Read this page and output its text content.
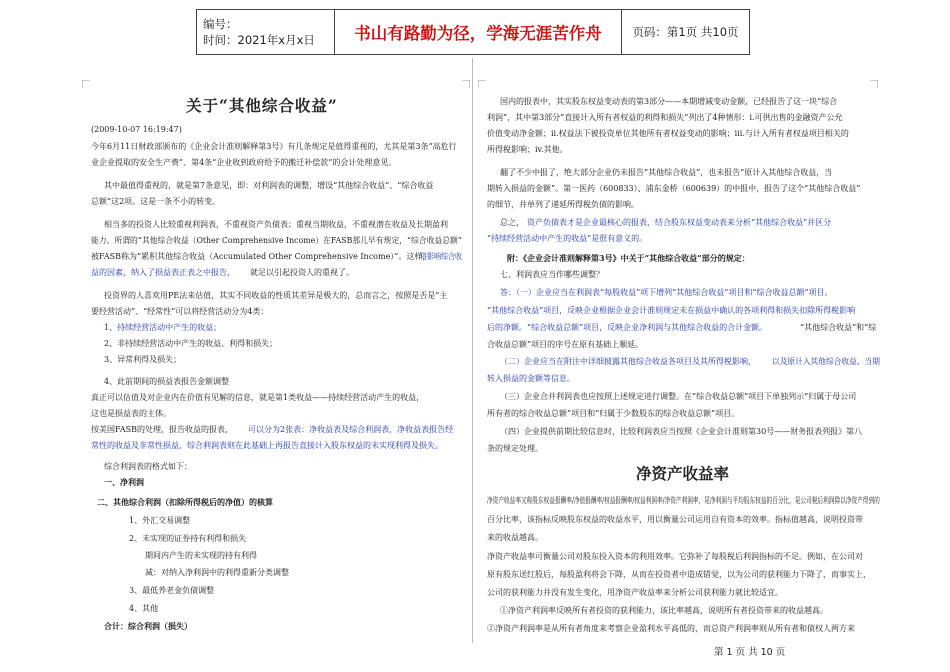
编号：
时间：2021年x月x日	书山有路勤为径，学海无涯苦作舟	页码：第1页 共10页
关于“其他综合收益”
净资产收益率
(2009-10-07 16:19:47)
今年6月11日财政部颁布的《企业会计准则解释第3号》有几条规定是值得重视的，尤其是第3条“高危行
业企业提取的安全生产费”、第4条“企业收到政府给予的搬迁补偿款”的会计处理意见。
其中最值得重视的，就是第7条意见，即：对利润表的调整，增设“其他综合收益”、“综合收益
总额”这2项。这是一条不小的转变。
相当多的投资人比较重视利润表，不重视资产负债表；重视当期收益，不重视潜在收益及长期盈利
能力。所谓的“其他综合收益（Other Comprehensive Income）在FASB那儿早有规定，“综合收益总额”
被FASB称为“累积其他综合收益（Accumulated Other Comprehensive Income）”。这样，
将影响综合收
益的因素，纳入了损益表正表之中报告， 就足以引起投资人的重视了。
投资界的人喜欢用PE法来估值，其实不同收益的性质其差异是极大的，总而言之，按照是否是“主
要经营活动”、“经常性”可以将经营活动分为4类：
1、持续经营活动中产生的收益；
2、非持续经营活动中产生的收益、利得和损失；
3、异常利得及损失；
4、此前期间的损益表报告金额调整
真正可以估值及对企业内在价值有见解的信息，就是第1类收益——持续经营活动产生的收益，
这也是损益表的主体。
按美国FASB的处理，报告收益的报表， 可以分为2张表：净收益表及综合利润表，净收益表报告经
常性的收益及非常性损益，综合利润表则在此基础上再报告直接计入股东权益的未实现利得及损失。
综合利润表的格式如下：
一、净利润
二、其他综合利润（扣除所得税后的净值）的核算
1、外汇交易调整
2、未实现的证券持有利得和损失
期间内产生的未实现的持有利得
减：对纳入净利润中的利得重新分类调整
3、最低养老金负债调整
4、其他
合计：综合利润（损失）
国内的报表中，其实股东权益变动表的第3部分——本期增减变动金额，已经报告了这一块“综合
利润”，其中第3部分“直接计入所有者权益的利得和损失”列出了4种情形：i.可供出售的金融资产公允
价值变动净金额；ii.权益法下被投资单位其他所有者权益变动的影响；iii.与计入所有者权益项目相关的
所得税影响；iv.其他。
翻了不少中报了，绝大部分企业仍未报告“其他综合收益”，也未报告“原计入其他综合收益，当
期转入损益的金额”。第一医药（600833）、浦东金桥（600639）的中报中，报告了这个“其他综合收益”
的细节，并单列了递延所得税负债的影响。
总之， 资产负债表才是企业最核心的报表，结合股东权益变动表来分析“其他综合收益”并区分
“持续经营活动中产生的收益”是很有意义的。
附：《企业会计准则解释第3号》中关于“其他综合收益”部分的规定：
七、利润表应当作哪些调整？
答：（一）企业应当在利润表“每股收益”项下增列“其他综合收益”项目和“综合收益总额”项目。
“其他综合收益”项目，反映企业根据企业会计准则规定未在损益中确认的各项利得和损失扣除所得税影响
后的净额。“综合收益总额”项目，反映企业净利润与其他综合收益的合计金额。	“其他综合收益”和“综
合收益总额”项目的序号在原有基础上顺延。
（二）企业应当在附注中详细披露其他综合收益各项目及其所得税影响， 以及原计入其他综合收益、当期
转入损益的金额等信息。
（三）企业合并利润表也应按照上述规定进行调整。在“综合收益总额”项目下单独列示“归属于母公司
所有者的综合收益总额”项目和“归属于少数股东的综合收益总额”项目。
（四）企业提供前期比较信息时，比较利润表应当按照《企业会计准则第30号——财务报表列报》第八
条的规定处理。
净资产收益率又称股东权益报酬率/净值报酬率/权益报酬率/权益利润率/净资产利润率，是净利润与平均股东权益的百分比，是公司税后利润除以净资产得到的
百分比率，该指标反映股东权益的收益水平，用以衡量公司运用自有资本的效率。指标值越高，说明投资带
来的收益越高。
净资产收益率可衡量公司对股东投入资本的利用效率。它弥补了每股税后利润指标的不足。例如，在公司对
原有股东送红股后，每股盈利将会下降，从而在投资者中造成错觉，以为公司的获利能力下降了，而事实上，
公司的获利能力并没有发生变化，用净资产收益率来分析公司获利能力就比较适宜。
①净资产利润率反映所有者投资的获利能力，该比率越高，说明所有者投资带来的收益越高。
②净资产利润率是从所有者角度来考察企业盈利水平高低的，而总资产利润率则从所有者和债权人两方来
第 1 页 共 10 页
